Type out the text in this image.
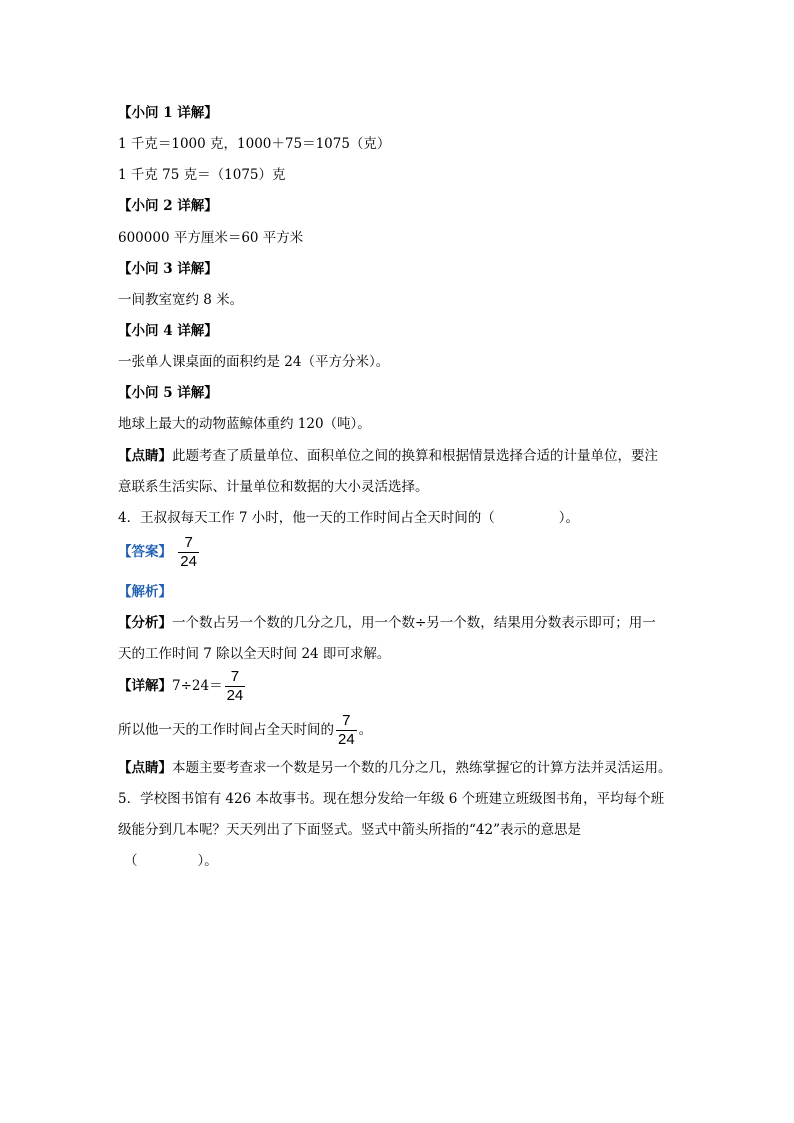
【小问 1 详解】
1 千克＝1000 克，1000＋75＝1075（克）
1 千克 75 克＝（1075）克
【小问 2 详解】
600000 平方厘米＝60 平方米
【小问 3 详解】
一间教室宽约 8 米。
【小问 4 详解】
一张单人课桌面的面积约是 24（平方分米）。
【小问 5 详解】
地球上最大的动物蓝鲸体重约 120（吨）。
【点睛】此题考查了质量单位、面积单位之间的换算和根据情景选择合适的计量单位，要注
意联系生活实际、计量单位和数据的大小灵活选择。
4．王叔叔每天工作 7 小时，他一天的工作时间占全天时间的（	）。
【答案】 $\frac{7}{24}$
【解析】
【分析】一个数占另一个数的几分之几，用一个数÷另一个数，结果用分数表示即可；用一
天的工作时间 7 除以全天时间 24 即可求解。
【详解】$7\div 24= \frac{7}{24}$
所以他一天的工作时间占全天时间的 $\frac{7}{24}$ 。
【点睛】本题主要考查求一个数是另一个数的几分之几，熟练掌握它的计算方法并灵活运用。
5．学校图书馆有 426 本故事书。现在想分发给一年级 6 个班建立班级图书角，平均每个班
级能分到几本呢？天天列出了下面竖式。竖式中箭头所指的“42”表示的意思是
（	）。
